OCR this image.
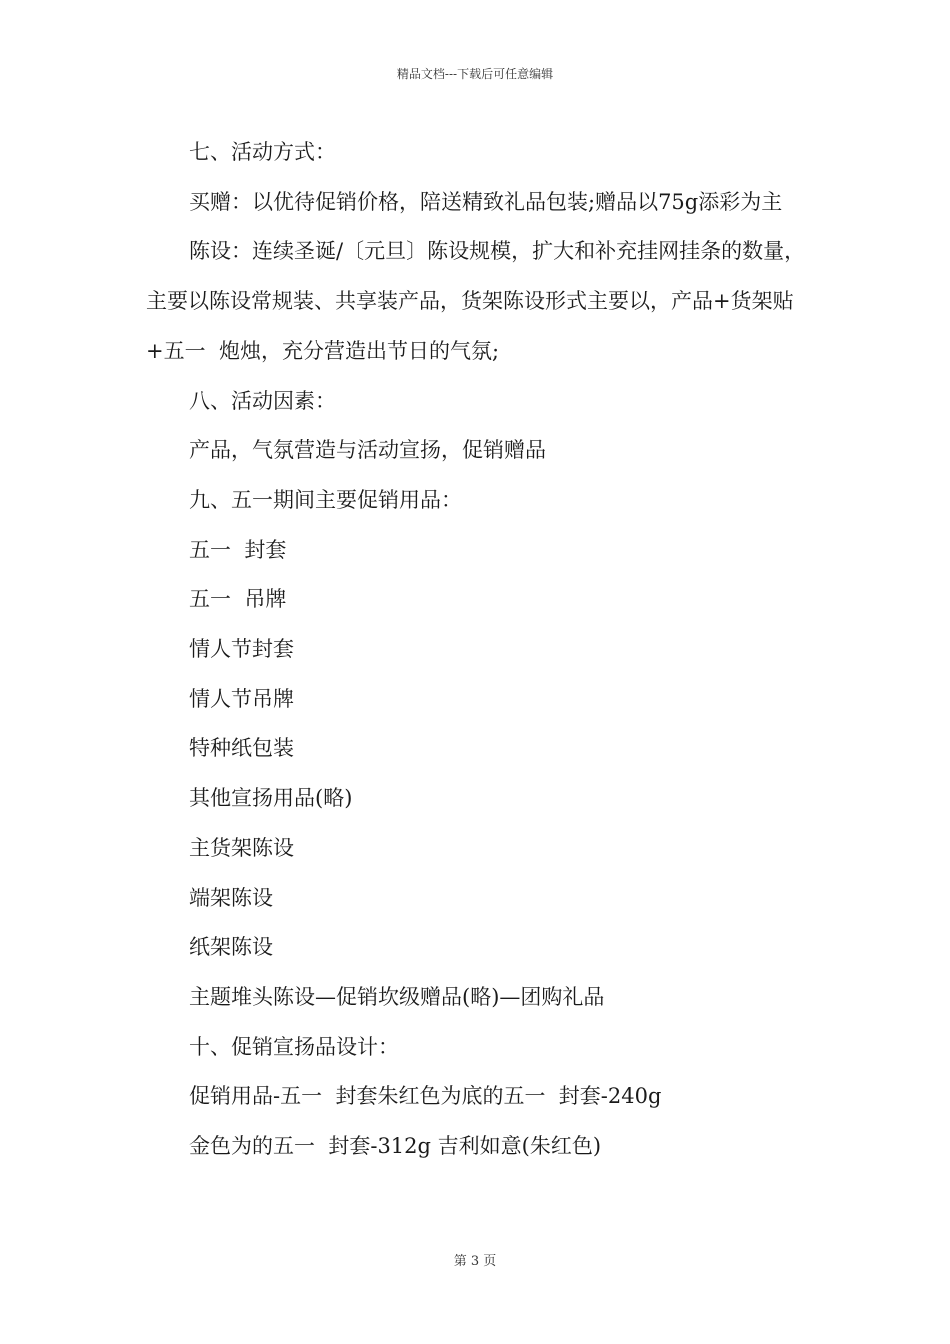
精品文档---下载后可任意编辑

七、活动方式：

买赠：以优待促销价格，陪送精致礼品包装;赠品以75g添彩为主

陈设：连续圣诞/〔元旦〕陈设规模，扩大和补充挂网挂条的数量，主要以陈设常规装、共享装产品，货架陈设形式主要以，产品+货架贴+五一  炮烛，充分营造出节日的气氛;

八、活动因素：

产品，气氛营造与活动宣扬，促销赠品

九、五一期间主要促销用品：

五一  封套

五一  吊牌

情人节封套

情人节吊牌

特种纸包装

其他宣扬用品(略)

主货架陈设

端架陈设

纸架陈设

主题堆头陈设—促销坎级赠品(略)—团购礼品

十、促销宣扬品设计：

促销用品-五一  封套朱红色为底的五一  封套-240g

金色为的五一  封套-312g 吉利如意(朱红色)

第 3 页
